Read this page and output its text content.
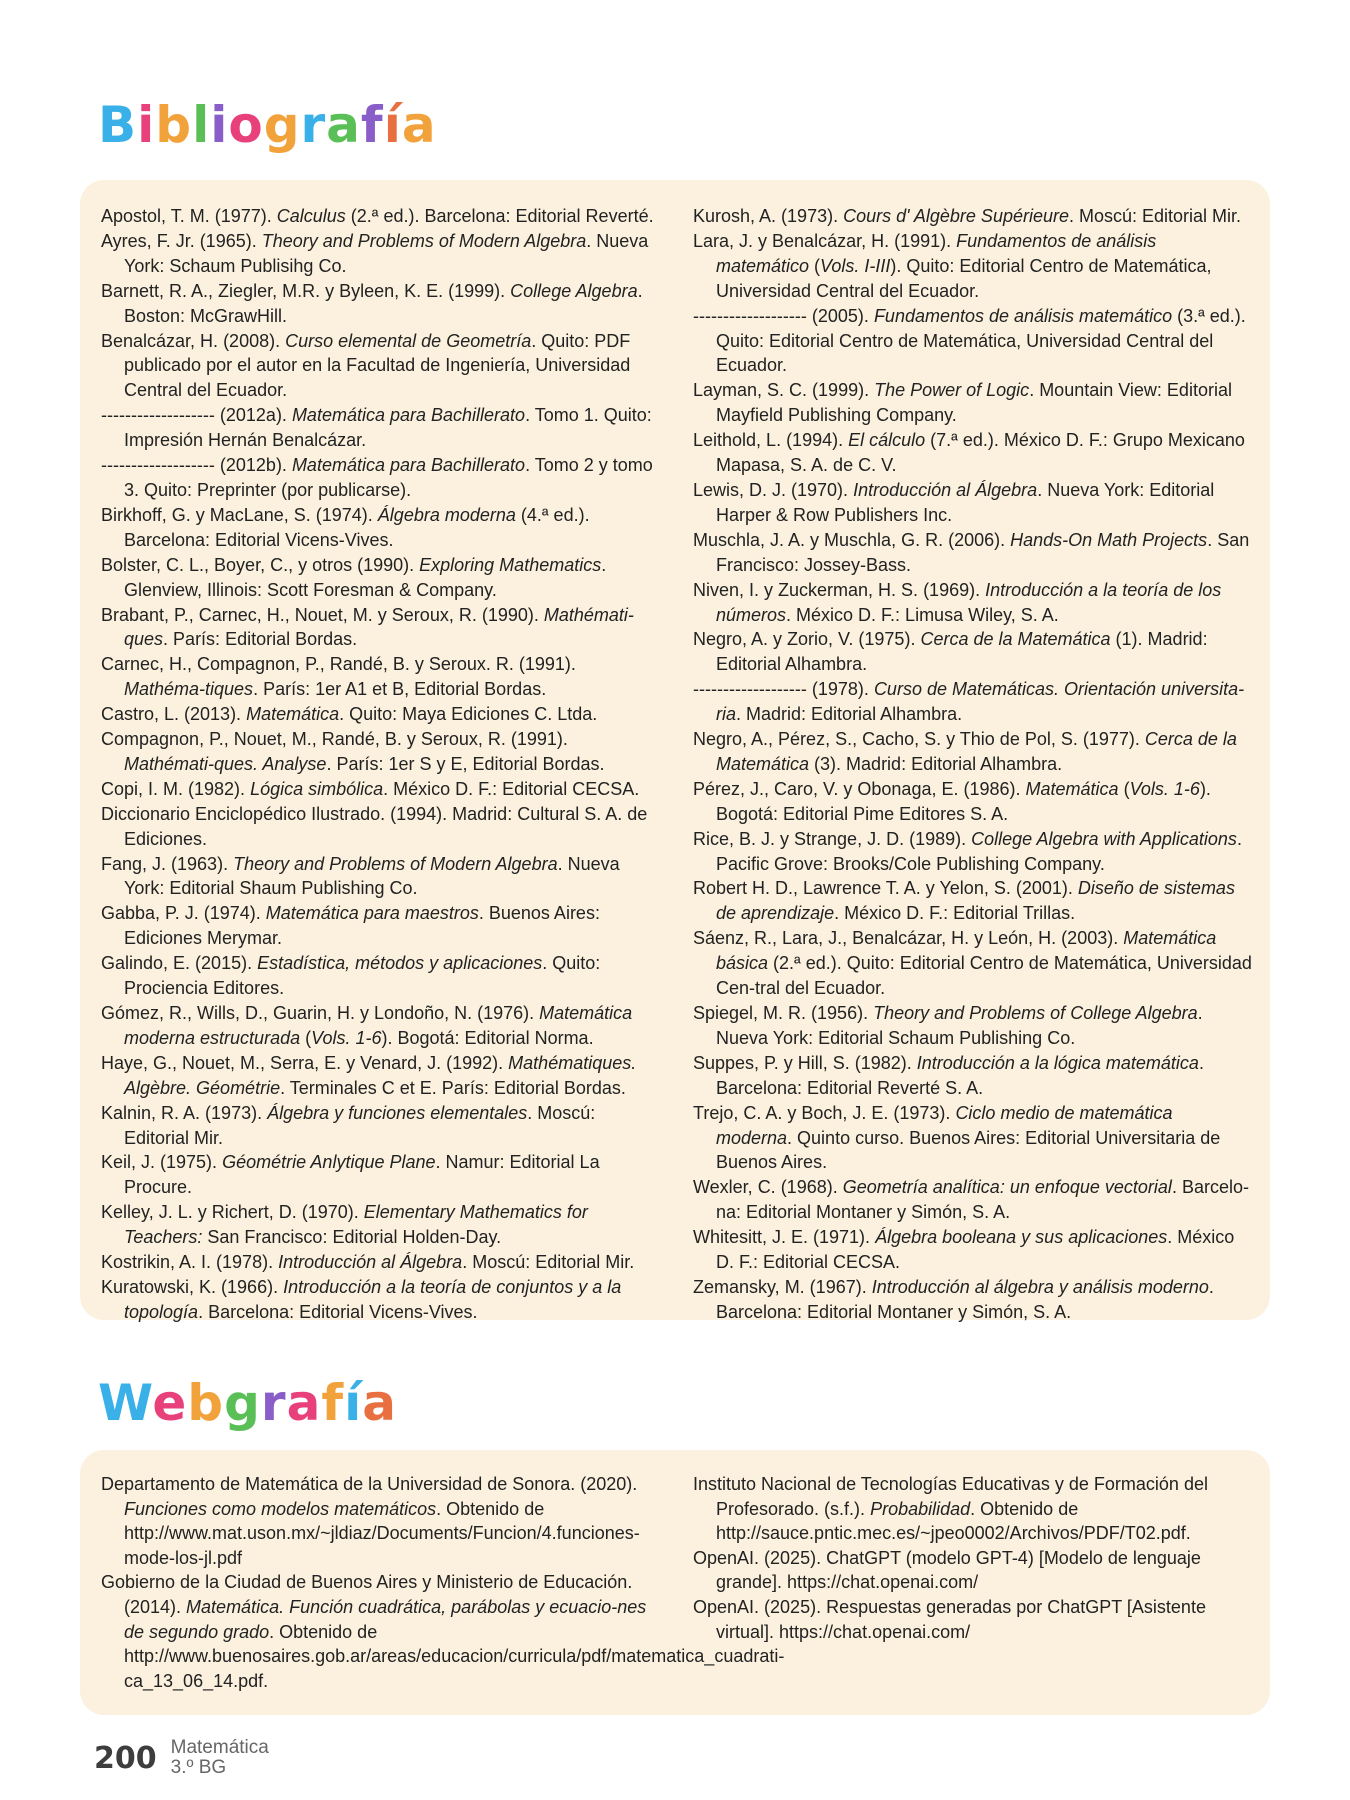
Bibliografía
Apostol, T. M. (1977). Calculus (2.ª ed.). Barcelona: Editorial Reverté.
Ayres, F. Jr. (1965). Theory and Problems of Modern Algebra. Nueva York: Schaum Publisihg Co.
Barnett, R. A., Ziegler, M.R. y Byleen, K. E. (1999). College Algebra. Boston: McGrawHill.
Benalcázar, H. (2008). Curso elemental de Geometría. Quito: PDF publicado por el autor en la Facultad de Ingeniería, Universidad Central del Ecuador.
------------------- (2012a). Matemática para Bachillerato. Tomo 1. Quito: Impresión Hernán Benalcázar.
------------------- (2012b). Matemática para Bachillerato. Tomo 2 y tomo 3. Quito: Preprinter (por publicarse).
Birkhoff, G. y MacLane, S. (1974). Álgebra moderna (4.ª ed.). Barcelona: Editorial Vicens-Vives.
Bolster, C. L., Boyer, C., y otros (1990). Exploring Mathematics. Glenview, Illinois: Scott Foresman & Company.
Brabant, P., Carnec, H., Nouet, M. y Seroux, R. (1990). Mathémati-ques. París: Editorial Bordas.
Carnec, H., Compagnon, P., Randé, B. y Seroux. R. (1991). Mathéma-tiques. París: 1er A1 et B, Editorial Bordas.
Castro, L. (2013). Matemática. Quito: Maya Ediciones C. Ltda.
Compagnon, P., Nouet, M., Randé, B. y Seroux, R. (1991). Mathémati-ques. Analyse. París: 1er S y E, Editorial Bordas.
Copi, I. M. (1982). Lógica simbólica. México D. F.: Editorial CECSA.
Diccionario Enciclopédico Ilustrado. (1994). Madrid: Cultural S. A. de Ediciones.
Fang, J. (1963). Theory and Problems of Modern Algebra. Nueva York: Editorial Shaum Publishing Co.
Gabba, P. J. (1974). Matemática para maestros. Buenos Aires: Ediciones Merymar.
Galindo, E. (2015). Estadística, métodos y aplicaciones. Quito: Prociencia Editores.
Gómez, R., Wills, D., Guarin, H. y Londoño, N. (1976). Matemática moderna estructurada (Vols. 1-6). Bogotá: Editorial Norma.
Haye, G., Nouet, M., Serra, E. y Venard, J. (1992). Mathématiques. Algèbre. Géométrie. Terminales C et E. París: Editorial Bordas.
Kalnin, R. A. (1973). Álgebra y funciones elementales. Moscú: Editorial Mir.
Keil, J. (1975). Géométrie Anlytique Plane. Namur: Editorial La Procure.
Kelley, J. L. y Richert, D. (1970). Elementary Mathematics for Teachers: San Francisco: Editorial Holden-Day.
Kostrikin, A. I. (1978). Introducción al Álgebra. Moscú: Editorial Mir.
Kuratowski, K. (1966). Introducción a la teoría de conjuntos y a la topología. Barcelona: Editorial Vicens-Vives.
Kurosh, A. (1973). Cours d' Algèbre Supérieure. Moscú: Editorial Mir.
Lara, J. y Benalcázar, H. (1991). Fundamentos de análisis matemático (Vols. I-III). Quito: Editorial Centro de Matemática, Universidad Central del Ecuador.
------------------- (2005). Fundamentos de análisis matemático (3.ª ed.). Quito: Editorial Centro de Matemática, Universidad Central del Ecuador.
Layman, S. C. (1999). The Power of Logic. Mountain View: Editorial Mayfield Publishing Company.
Leithold, L. (1994). El cálculo (7.ª ed.). México D. F.: Grupo Mexicano Mapasa, S. A. de C. V.
Lewis, D. J. (1970). Introducción al Álgebra. Nueva York: Editorial Harper & Row Publishers Inc.
Muschla, J. A. y Muschla, G. R. (2006). Hands-On Math Projects. San Francisco: Jossey-Bass.
Niven, I. y Zuckerman, H. S. (1969). Introducción a la teoría de los números. México D. F.: Limusa Wiley, S. A.
Negro, A. y Zorio, V. (1975). Cerca de la Matemática (1). Madrid: Editorial Alhambra.
------------------- (1978). Curso de Matemáticas. Orientación universita-ria. Madrid: Editorial Alhambra.
Negro, A., Pérez, S., Cacho, S. y Thio de Pol, S. (1977). Cerca de la Matemática (3). Madrid: Editorial Alhambra.
Pérez, J., Caro, V. y Obonaga, E. (1986). Matemática (Vols. 1-6). Bogotá: Editorial Pime Editores S. A.
Rice, B. J. y Strange, J. D. (1989). College Algebra with Applications. Pacific Grove: Brooks/Cole Publishing Company.
Robert H. D., Lawrence T. A. y Yelon, S. (2001). Diseño de sistemas de aprendizaje. México D. F.: Editorial Trillas.
Sáenz, R., Lara, J., Benalcázar, H. y León, H. (2003). Matemática básica (2.ª ed.). Quito: Editorial Centro de Matemática, Universidad Cen-tral del Ecuador.
Spiegel, M. R. (1956). Theory and Problems of College Algebra. Nueva York: Editorial Schaum Publishing Co.
Suppes, P. y Hill, S. (1982). Introducción a la lógica matemática. Barcelona: Editorial Reverté S. A.
Trejo, C. A. y Boch, J. E. (1973). Ciclo medio de matemática moderna. Quinto curso. Buenos Aires: Editorial Universitaria de Buenos Aires.
Wexler, C. (1968). Geometría analítica: un enfoque vectorial. Barcelo-na: Editorial Montaner y Simón, S. A.
Whitesitt, J. E. (1971). Álgebra booleana y sus aplicaciones. México D. F.: Editorial CECSA.
Zemansky, M. (1967). Introducción al álgebra y análisis moderno. Barcelona: Editorial Montaner y Simón, S. A.
Webgrafía
Departamento de Matemática de la Universidad de Sonora. (2020). Funciones como modelos matemáticos. Obtenido de http://www.mat.uson.mx/~jldiaz/Documents/Funcion/4.funciones-mode-los-jl.pdf
Gobierno de la Ciudad de Buenos Aires y Ministerio de Educación. (2014). Matemática. Función cuadrática, parábolas y ecuacio-nes de segundo grado. Obtenido de http://www.buenosaires.gob.ar/areas/educacion/curricula/pdf/matematica_cuadrati-ca_13_06_14.pdf.
Instituto Nacional de Tecnologías Educativas y de Formación del Profesorado. (s.f.). Probabilidad. Obtenido de http://sauce.pntic.mec.es/~jpeo0002/Archivos/PDF/T02.pdf.
OpenAI. (2025). ChatGPT (modelo GPT-4) [Modelo de lenguaje grande]. https://chat.openai.com/
OpenAI. (2025). Respuestas generadas por ChatGPT [Asistente virtual]. https://chat.openai.com/
200 Matemática
3.º BG
